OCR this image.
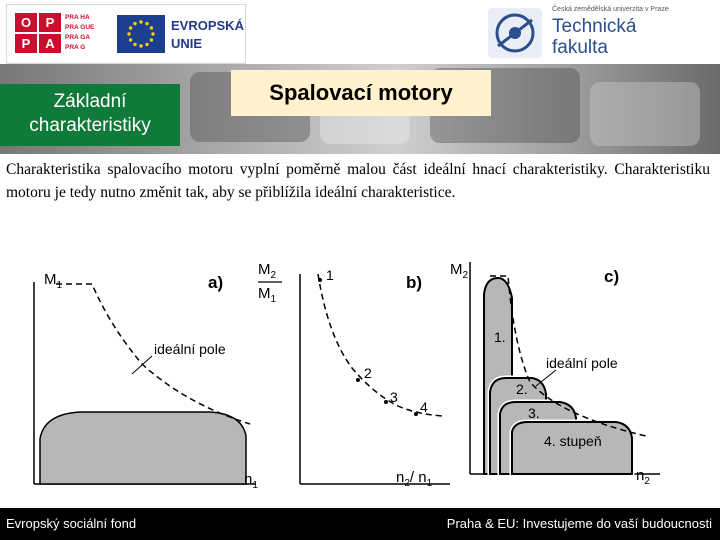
O	P
P	A
PRA HA
PRA GUE
PRA GA
PRA G
EVROPSKÁ
UNIE
Česká zemědělská univerzita v Praze
Technická
fakulta
Základní charakteristiky
Spalovací motory
Charakteristika spalovacího motoru vyplní poměrně malou část ideální hnací charakteristiky. Charakteristiku motoru je tedy nutno změnit tak, aby se přiblížila ideální charakteristice.
ideální pole
a)
$M_1$
$n_1$
1
2
3
4
b)
$M_2$
$M_1$
$n_2/$ $n_1$
ideální pole
1.
2.
3.
4. stupeň
c)
$M_2$
$n_2$
Evropský sociální fond	Praha & EU: Investujeme do vaší budoucnosti
